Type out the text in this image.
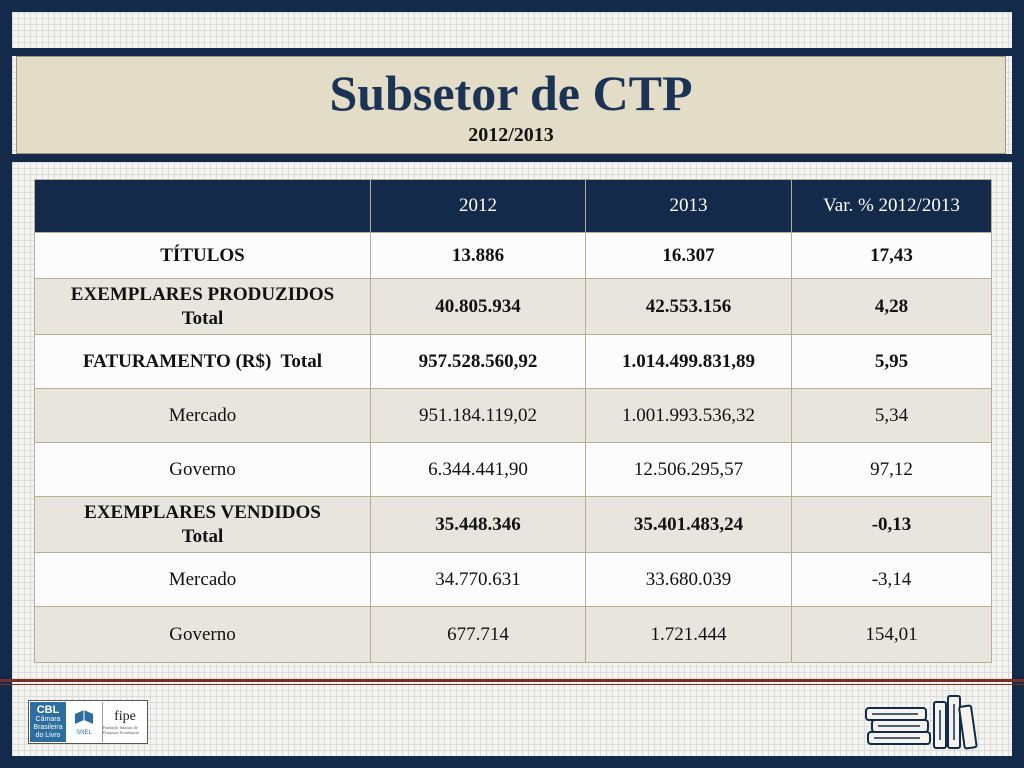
Subsetor de CTP
2012/2013
	2012	2013	Var. % 2012/2013
TÍTULOS	13.886	16.307	17,43
EXEMPLARES PRODUZIDOS
Total	40.805.934	42.553.156	4,28
FATURAMENTO (R$)  Total	957.528.560,92	1.014.499.831,89	5,95
Mercado	951.184.119,02	1.001.993.536,32	5,34
Governo	6.344.441,90	12.506.295,57	97,12
EXEMPLARES VENDIDOS
Total	35.448.346	35.401.483,24	-0,13
Mercado	34.770.631	33.680.039	-3,14
Governo	677.714	1.721.444	154,01
CBL
Câmara Brasileira do Livro	SNEL
fipe
Fundação Instituto de Pesquisas Econômicas
